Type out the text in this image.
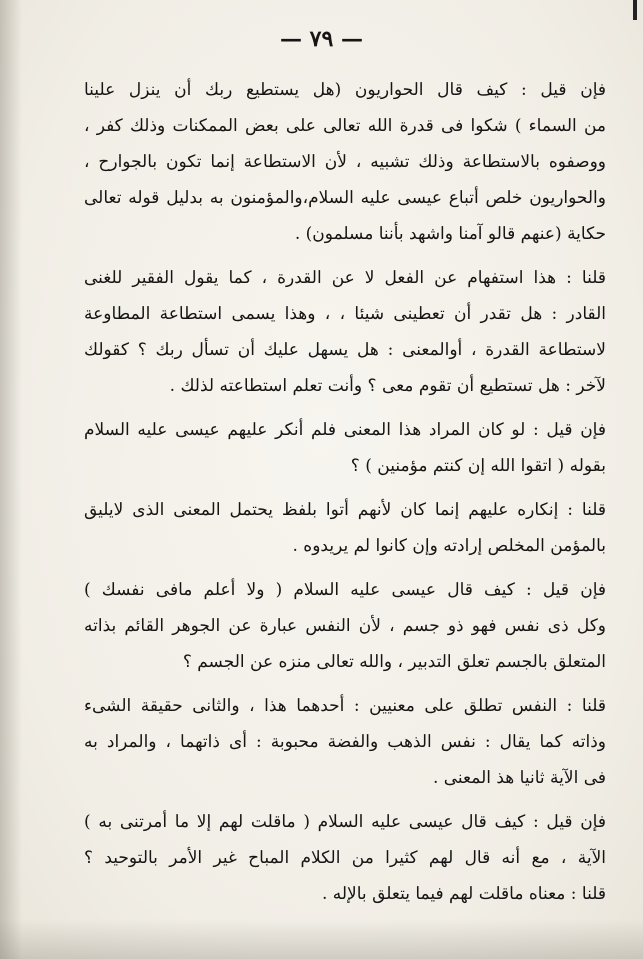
— ٧٩ —
فإن قيل : كيف قال الحواريون (هل يستطيع ربك أن ينزل علينا
من السماء ) شكوا فى قدرة الله تعالى على بعض الممكنات وذلك كفر ،
ووصفوه بالاستطاعة وذلك تشبيه ، لأن الاستطاعة إنما تكون بالجوارح ،
والحواريون خلص أتباع عيسى عليه السلام،والمؤمنون به بدليل قوله تعالى
حكاية (عنهم قالو آمنا واشهد بأننا مسلمون) .
قلنا : هذا استفهام عن الفعل لا عن القدرة ، كما يقول الفقير للغنى
القادر : هل تقدر أن تعطينى شيئا ، ، وهذا يسمى استطاعة المطاوعة
لاستطاعة القدرة ، أوالمعنى : هل يسهل عليك أن تسأل ربك ؟ كقولك
لآخر : هل تستطيع أن تقوم معى ؟ وأنت تعلم استطاعته لذلك .
فإن قيل : لو كان المراد هذا المعنى فلم أنكر عليهم عيسى عليه السلام
بقوله ( اتقوا الله إن كنتم مؤمنين ) ؟
قلنا : إنكاره عليهم إنما كان لأنهم أتوا بلفظ يحتمل المعنى الذى لايليق
بالمؤمن المخلص إرادته وإن كانوا لم يريدوه .
فإن قيل : كيف قال عيسى عليه السلام ( ولا أعلم مافى نفسك )
وكل ذى نفس فهو ذو جسم ، لأن النفس عبارة عن الجوهر القائم بذاته
المتعلق بالجسم تعلق التدبير ، والله تعالى منزه عن الجسم ؟
قلنا : النفس تطلق على معنيين : أحدهما هذا ، والثانى حقيقة الشىء
وذاته كما يقال : نفس الذهب والفضة محبوبة : أى ذاتهما ، والمراد به
فى الآية ثانيا هذ المعنى .
فإن قيل : كيف قال عيسى عليه السلام ( ماقلت لهم إلا ما أمرتنى به )
الآية ، مع أنه قال لهم كثيرا من الكلام المباح غير الأمر بالتوحيد ؟
قلنا : معناه ماقلت لهم فيما يتعلق بالإله .
